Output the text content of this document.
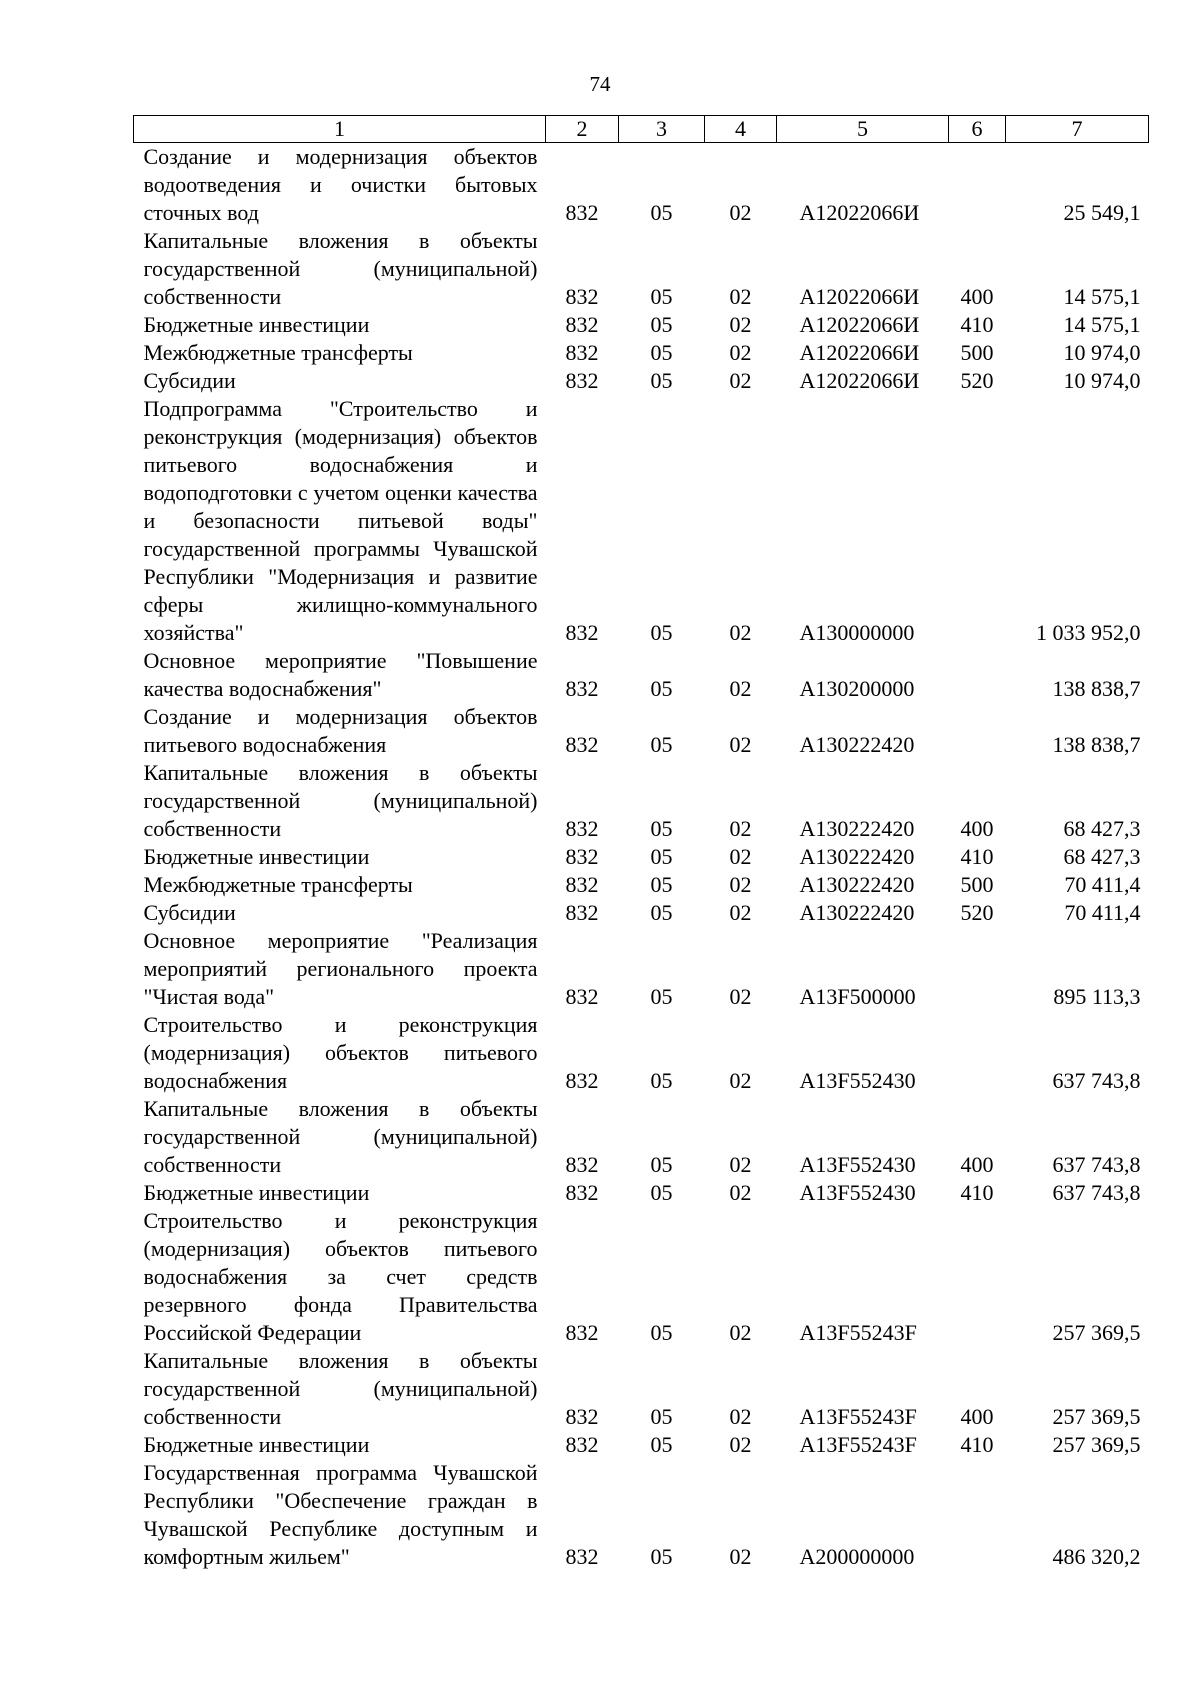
74
1	2	3	4	5	6	7
Создание и модернизация объектов водоотведения и очистки бытовых сточных вод	832	05	02	А12022066И		25 549,1
Капитальные вложения в объекты государственной (муниципальной) собственности	832	05	02	А12022066И	400	14 575,1
Бюджетные инвестиции	832	05	02	А12022066И	410	14 575,1
Межбюджетные трансферты	832	05	02	А12022066И	500	10 974,0
Субсидии	832	05	02	А12022066И	520	10 974,0
Подпрограмма "Строительство и реконструкция (модернизация) объектов питьевого водоснабжения и водоподготовки с учетом оценки качества и безопасности питьевой воды" государственной программы Чувашской Республики "Модернизация и развитие сферы жилищно-коммунального хозяйства"	832	05	02	А130000000		1 033 952,0
Основное мероприятие "Повышение качества водоснабжения"	832	05	02	А130200000		138 838,7
Создание и модернизация объектов питьевого водоснабжения	832	05	02	А130222420		138 838,7
Капитальные вложения в объекты государственной (муниципальной) собственности	832	05	02	А130222420	400	68 427,3
Бюджетные инвестиции	832	05	02	А130222420	410	68 427,3
Межбюджетные трансферты	832	05	02	А130222420	500	70 411,4
Субсидии	832	05	02	А130222420	520	70 411,4
Основное мероприятие "Реализация мероприятий регионального проекта "Чистая вода"	832	05	02	А13F500000		895 113,3
Строительство и реконструкция (модернизация) объектов питьевого водоснабжения	832	05	02	А13F552430		637 743,8
Капитальные вложения в объекты государственной (муниципальной) собственности	832	05	02	А13F552430	400	637 743,8
Бюджетные инвестиции	832	05	02	А13F552430	410	637 743,8
Строительство и реконструкция (модернизация) объектов питьевого водоснабжения за счет средств резервного фонда Правительства Российской Федерации	832	05	02	А13F55243F		257 369,5
Капитальные вложения в объекты государственной (муниципальной) собственности	832	05	02	А13F55243F	400	257 369,5
Бюджетные инвестиции	832	05	02	А13F55243F	410	257 369,5
Государственная программа Чувашской Республики "Обеспечение граждан в Чувашской Республике доступным и комфортным жильем"	832	05	02	А200000000		486 320,2
